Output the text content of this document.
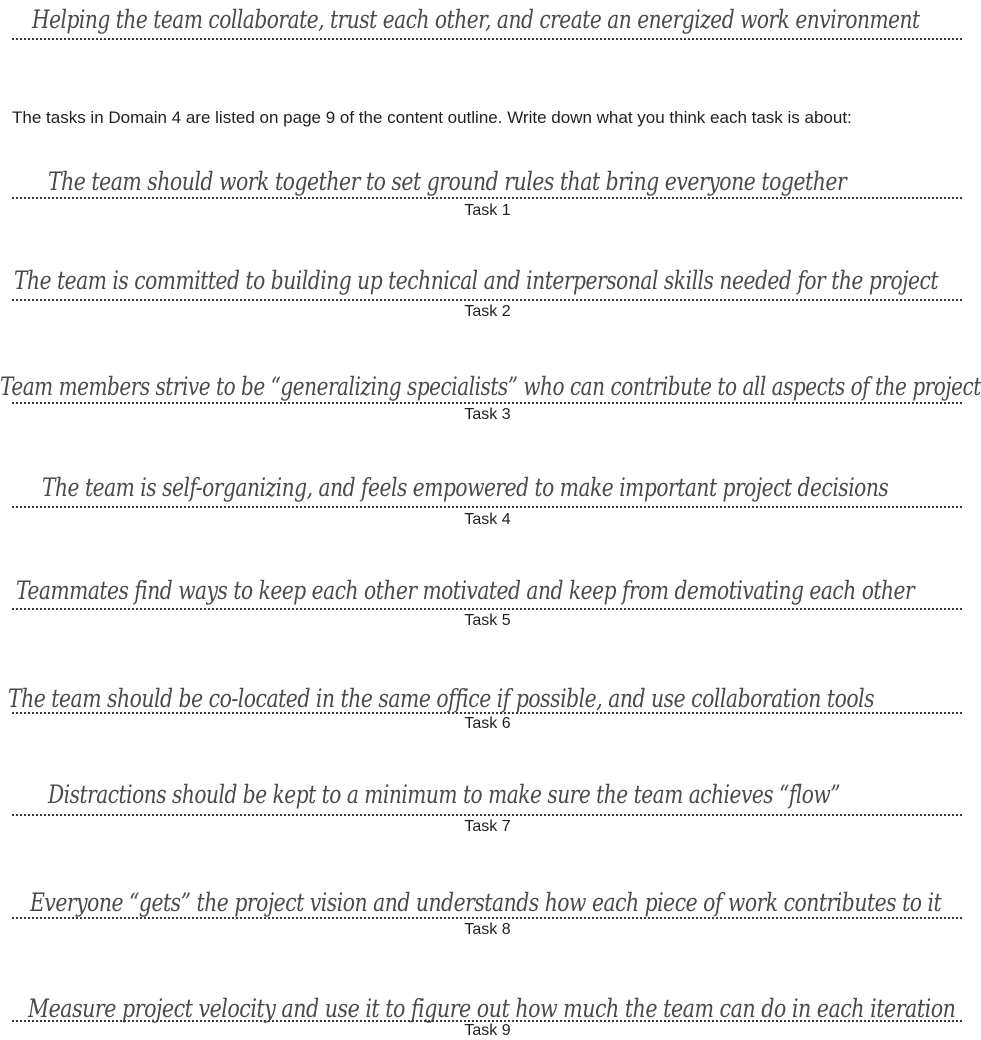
Helping the team collaborate, trust each other, and create an energized work environment
The tasks in Domain 4 are listed on page 9 of the content outline. Write down what you think each task is about:
The team should work together to set ground rules that bring everyone together
Task 1
The team is committed to building up technical and interpersonal skills needed for the project
Task 2
Team members strive to be “generalizing specialists” who can contribute to all aspects of the project
Task 3
The team is self-organizing, and feels empowered to make important project decisions
Task 4
Teammates find ways to keep each other motivated and keep from demotivating each other
Task 5
The team should be co-located in the same office if possible, and use collaboration tools
Task 6
Distractions should be kept to a minimum to make sure the team achieves “flow”
Task 7
Everyone “gets” the project vision and understands how each piece of work contributes to it
Task 8
Measure project velocity and use it to figure out how much the team can do in each iteration
Task 9
